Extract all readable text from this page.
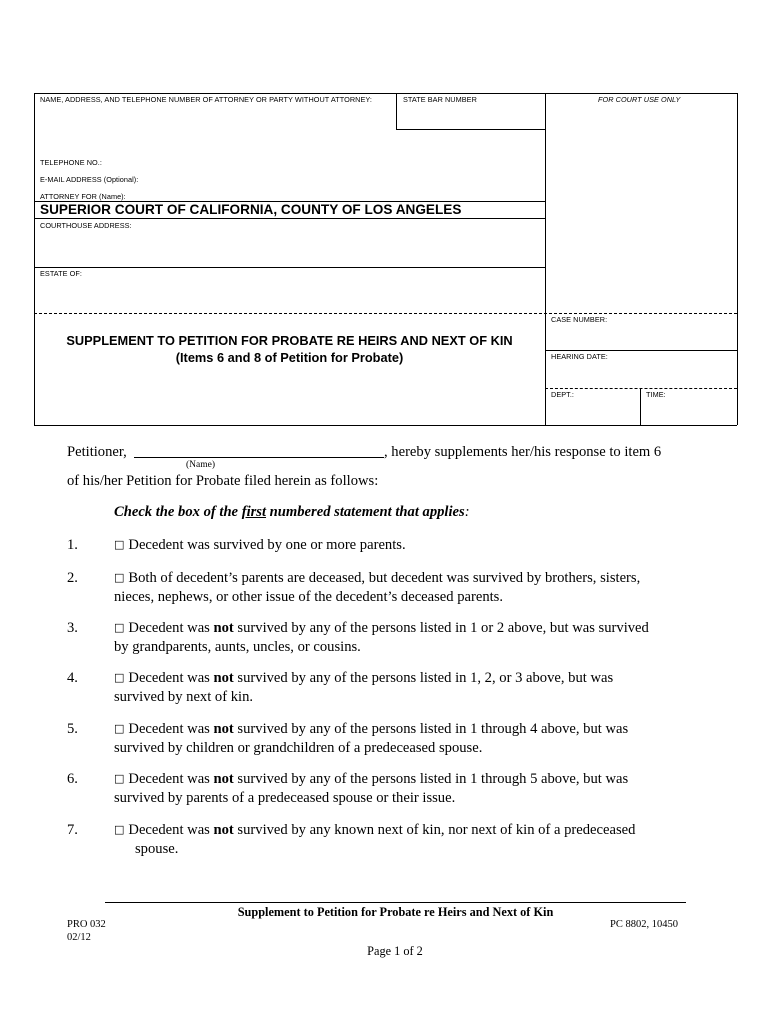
NAME, ADDRESS, AND TELEPHONE NUMBER OF ATTORNEY OR PARTY WITHOUT ATTORNEY:	STATE BAR NUMBER	FOR COURT USE ONLY
TELEPHONE NO.:
E-MAIL ADDRESS (Optional):
ATTORNEY FOR (Name):
SUPERIOR COURT OF CALIFORNIA, COUNTY OF LOS ANGELES
COURTHOUSE ADDRESS:
ESTATE OF:
CASE NUMBER:
HEARING DATE:
DEPT.:	TIME:
SUPPLEMENT TO PETITION FOR PROBATE RE HEIRS AND NEXT OF KIN
(Items 6 and 8 of Petition for Probate)
Petitioner,	, hereby supplements her/his response to item 6
(Name)
of his/her Petition for Probate filed herein as follows:
Check the box of the first numbered statement that applies:
1.	□ Decedent was survived by one or more parents.
2.	□ Both of decedent’s parents are deceased, but decedent was survived by brothers, sisters,
nieces, nephews, or other issue of the decedent’s deceased parents.
3.	□ Decedent was not survived by any of the persons listed in 1 or 2 above, but was survived
by grandparents, aunts, uncles, or cousins.
4.	□ Decedent was not survived by any of the persons listed in 1, 2, or 3 above, but was
survived by next of kin.
5.	□ Decedent was not survived by any of the persons listed in 1 through 4 above, but was
survived by children or grandchildren of a predeceased spouse.
6.	□ Decedent was not survived by any of the persons listed in 1 through 5 above, but was
survived by parents of a predeceased spouse or their issue.
7.	□ Decedent was not survived by any known next of kin, nor next of kin of a predeceased
spouse.
Supplement to Petition for Probate re Heirs and Next of Kin
PRO 032
02/12
PC 8802, 10450
Page 1 of 2
